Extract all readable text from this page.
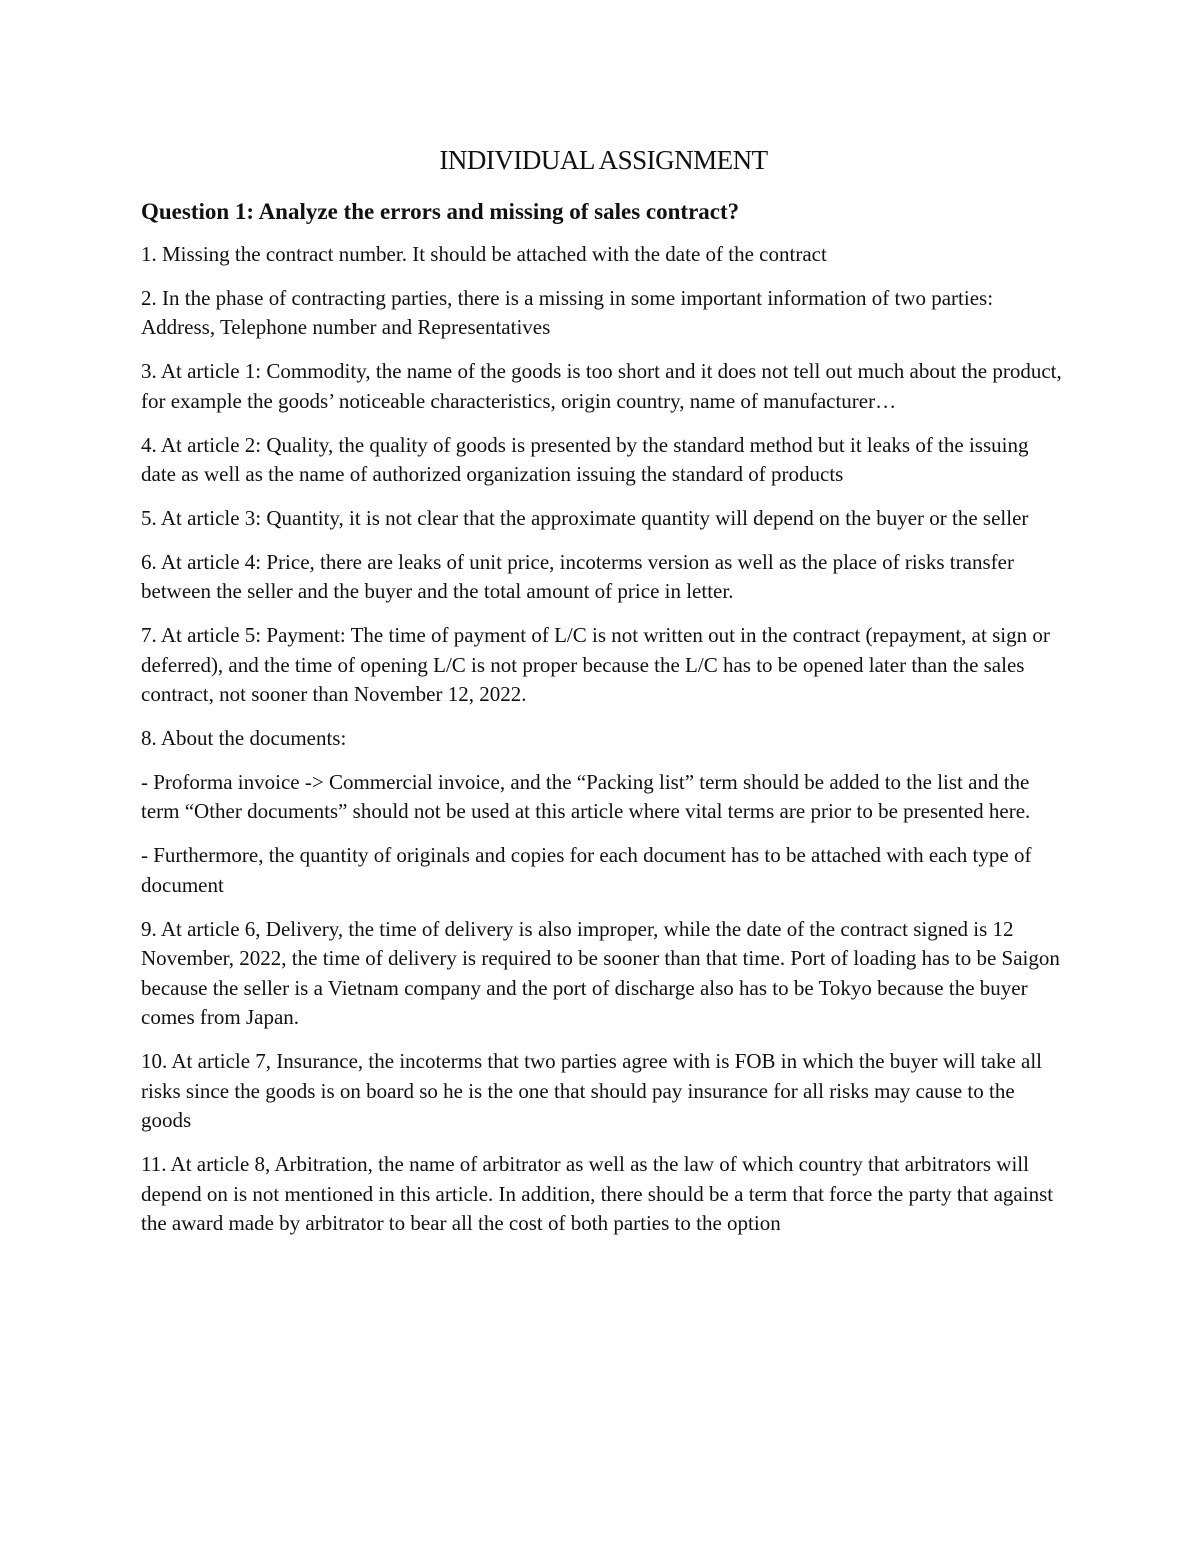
INDIVIDUAL ASSIGNMENT

Question 1: Analyze the errors and missing of sales contract?

1. Missing the contract number. It should be attached with the date of the contract

2. In the phase of contracting parties, there is a missing in some important information of two parties: Address, Telephone number and Representatives

3. At article 1: Commodity, the name of the goods is too short and it does not tell out much about the product, for example the goods’ noticeable characteristics, origin country, name of manufacturer…

4. At article 2: Quality, the quality of goods is presented by the standard method but it leaks of the issuing date as well as the name of authorized organization issuing the standard of products

5. At article 3: Quantity, it is not clear that the approximate quantity will depend on the buyer or the seller

6. At article 4: Price, there are leaks of unit price, incoterms version as well as the place of risks transfer between the seller and the buyer and the total amount of price in letter.

7. At article 5: Payment: The time of payment of L/C is not written out in the contract (repayment, at sign or deferred), and the time of opening L/C is not proper because the L/C has to be opened later than the sales contract, not sooner than November 12, 2022.

8. About the documents:

- Proforma invoice -> Commercial invoice, and the “Packing list” term should be added to the list and the term “Other documents” should not be used at this article where vital terms are prior to be presented here.

- Furthermore, the quantity of originals and copies for each document has to be attached with each type of document

9. At article 6, Delivery, the time of delivery is also improper, while the date of the contract signed is 12 November, 2022, the time of delivery is required to be sooner than that time. Port of loading has to be Saigon because the seller is a Vietnam company and the port of discharge also has to be Tokyo because the buyer comes from Japan.

10. At article 7, Insurance, the incoterms that two parties agree with is FOB in which the buyer will take all risks since the goods is on board so he is the one that should pay insurance for all risks may cause to the goods

11. At article 8, Arbitration, the name of arbitrator as well as the law of which country that arbitrators will depend on is not mentioned in this article. In addition, there should be a term that force the party that against the award made by arbitrator to bear all the cost of both parties to the option
